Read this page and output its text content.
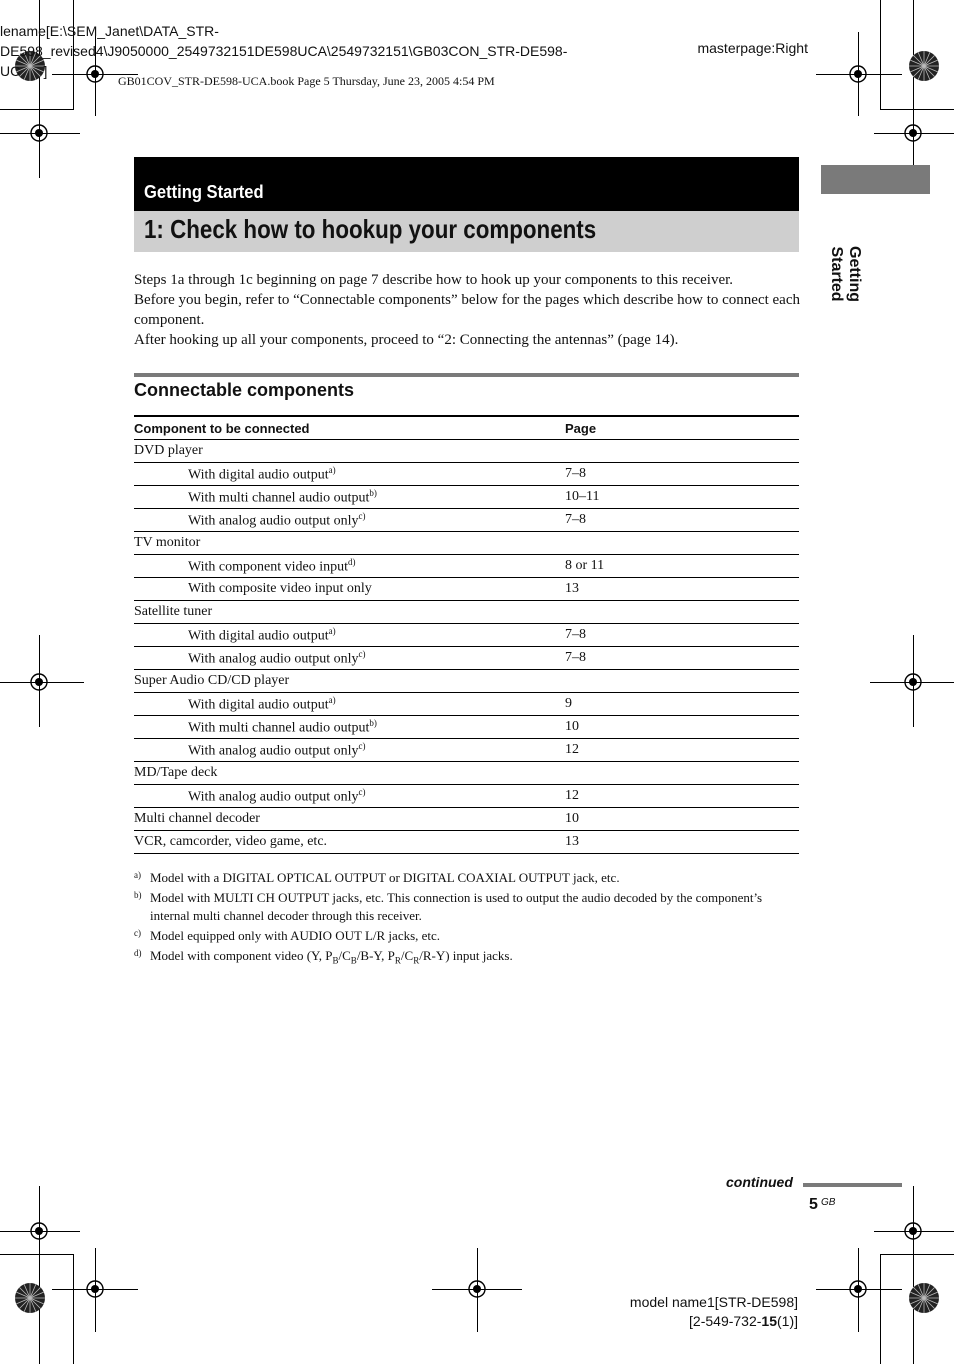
lename[E:\SEM_Janet\DATA_STR-
DE598_revised4\J9050000_2549732151DE598UCA\2549732151\GB03CON_STR-DE598-
UC      ]
masterpage:Right
GB01COV_STR-DE598-UCA.book Page 5 Thursday, June 23, 2005 4:54 PM
Getting Started
1: Check how to hookup your components
Getting Started

Steps 1a through 1c beginning on page 7 describe how to hook up your components to this receiver.

Before you begin, refer to “Connectable components” below for the pages which describe how to connect each component.

After hooking up all your components, proceed to “2: Connecting the antennas” (page 14).

Connectable components
Component to be connected	Page
DVD player	
With digital audio output$^{a)}$	7–8
With multi channel audio output$^{b)}$	10–11
With analog audio output only$^{c)}$	7–8
TV monitor	
With component video input$^{d)}$	8 or 11
With composite video input only	13
Satellite tuner	
With digital audio output$^{a)}$	7–8
With analog audio output only$^{c)}$	7–8
Super Audio CD/CD player	
With digital audio output$^{a)}$	9
With multi channel audio output$^{b)}$	10
With analog audio output only$^{c)}$	12
MD/Tape deck	
With analog audio output only$^{c)}$	12
Multi channel decoder	10
VCR, camcorder, video game, etc.	13
a) Model with a DIGITAL OPTICAL OUTPUT or DIGITAL COAXIAL OUTPUT jack, etc.
b) Model with MULTI CH OUTPUT jacks, etc. This connection is used to output the audio decoded by the component’s internal multi channel decoder through this receiver.
c) Model equipped only with AUDIO OUT L/R jacks, etc.
d) Model with component video (Y, $P_B/C_B/B-Y$, $P_R/C_R/R-Y$) input jacks.
continued
5 GB
model name1[STR-DE598]
[2-549-732-15(1)]
